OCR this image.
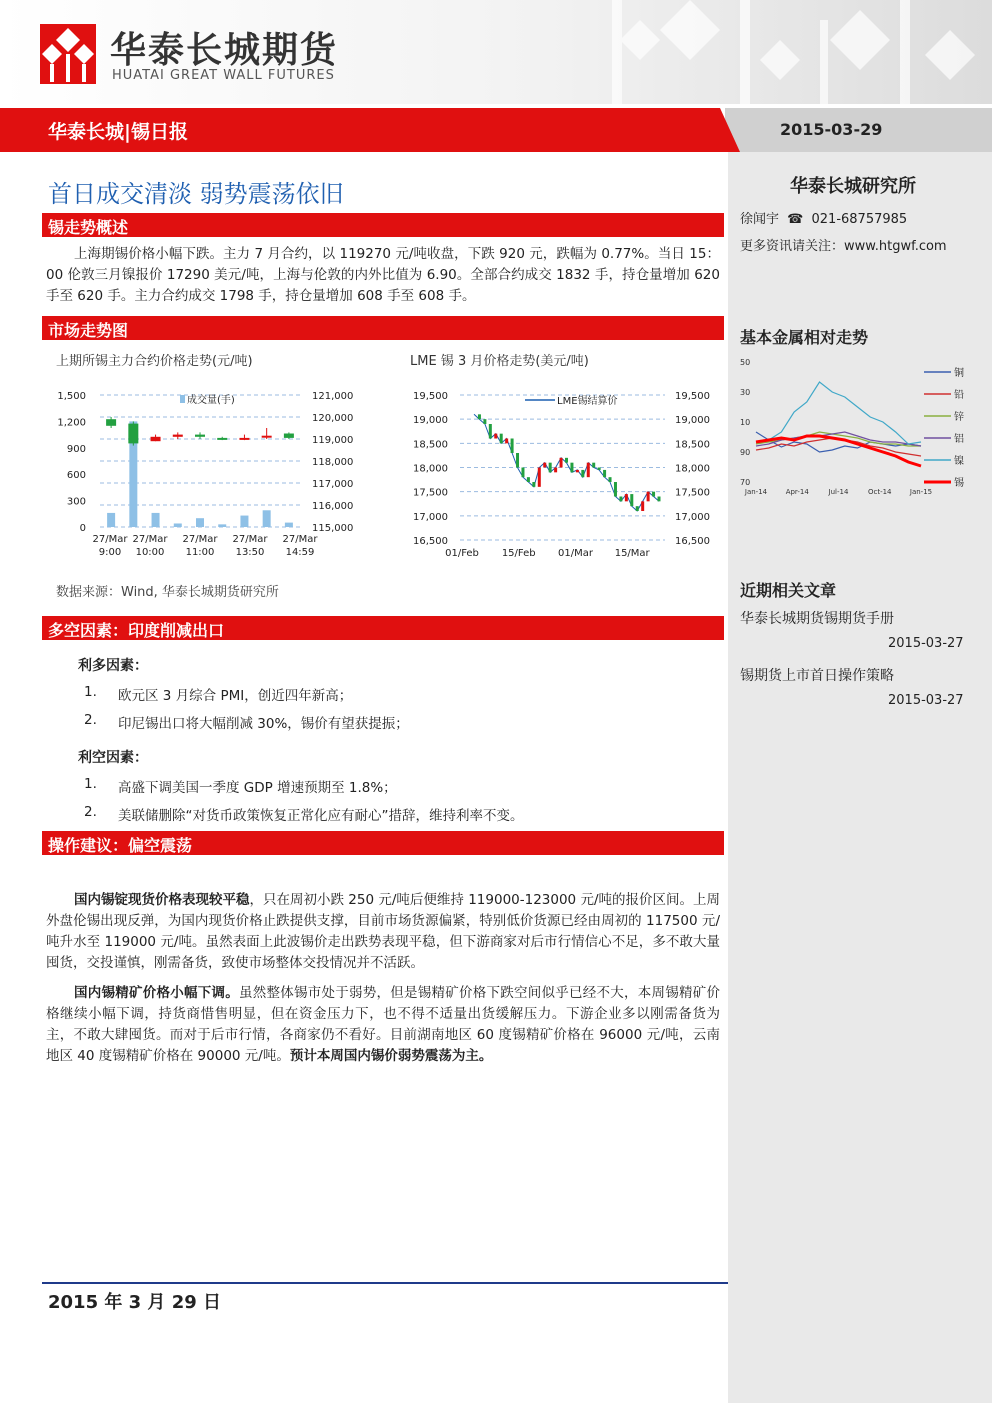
华泰长城期货
HUATAI GREAT WALL FUTURES
华泰长城|锡日报	2015-03-29
首日成交清淡 弱势震荡依旧
锡走势概述
上海期锡价格小幅下跌。主力 7 月合约，以 119270 元/吨收盘，下跌 920 元，跌幅为 0.77%。当日 15：00 伦敦三月镍报价 17290 美元/吨，上海与伦敦的内外比值为 6.90。全部合约成交 1832 手，持仓量增加 620 手至 620 手。主力合约成交 1798 手，持仓量增加 608 手至 608 手。
市场走势图
上期所锡主力合约价格走势(元/吨)	LME 锡 3 月价格走势(美元/吨)
1,500
1,200
900
600
300
0
121,000
120,000
119,000
118,000
117,000
116,000
115,000
27/Mar
9:00
27/Mar
10:00
27/Mar
11:00
27/Mar
13:50
27/Mar
14:59
成交量(手)	19,500	19,500
19,000	19,000
18,500	18,500
18,000	18,000
17,500	17,500
17,000	17,000
16,500	16,500
01/Feb 15/Feb 01/Mar 15/Mar
LME锡结算价
数据来源：Wind, 华泰长城期货研究所
多空因素：印度削减出口
利多因素：
1. 欧元区 3 月综合 PMI，创近四年新高；
2. 印尼锡出口将大幅削减 30%，锡价有望获提振；
利空因素：
1. 高盛下调美国一季度 GDP 增速预期至 1.8%；
2. 美联储删除“对货币政策恢复正常化应有耐心”措辞，维持利率不变。
操作建议：偏空震荡
国内锡锭现货价格表现较平稳，只在周初小跌 250 元/吨后便维持 119000-123000 元/吨的报价区间。上周外盘伦锡出现反弹，为国内现货价格止跌提供支撑，目前市场货源偏紧，特别低价货源已经由周初的 117500 元/吨升水至 119000 元/吨。虽然表面上此波锡价走出跌势表现平稳，但下游商家对后市行情信心不足，多不敢大量囤货，交投谨慎，刚需备货，致使市场整体交投情况并不活跃。
国内锡精矿价格小幅下调。虽然整体锡市处于弱势，但是锡精矿价格下跌空间似乎已经不大，本周锡精矿价格继续小幅下调，持货商惜售明显，但在资金压力下，也不得不适量出货缓解压力。下游企业多以刚需备货为主，不敢大肆囤货。而对于后市行情，各商家仍不看好。目前湖南地区 60 度锡精矿价格在 96000 元/吨，云南地区 40 度锡精矿价格在 90000 元/吨。预计本周国内锡价弱势震荡为主。
华泰长城研究所
徐闻宇 ☎ 021-68757985
更多资讯请关注：www.htgwf.com
基本金属相对走势
50
30
10
90
70
Jan-14	Apr-14	Jul-14	Oct-14	Jan-15
铜
铅
锌
铝
镍
锡
近期相关文章
华泰长城期货锡期货手册
2015-03-27
锡期货上市首日操作策略
2015-03-27
2015 年 3 月 29 日
